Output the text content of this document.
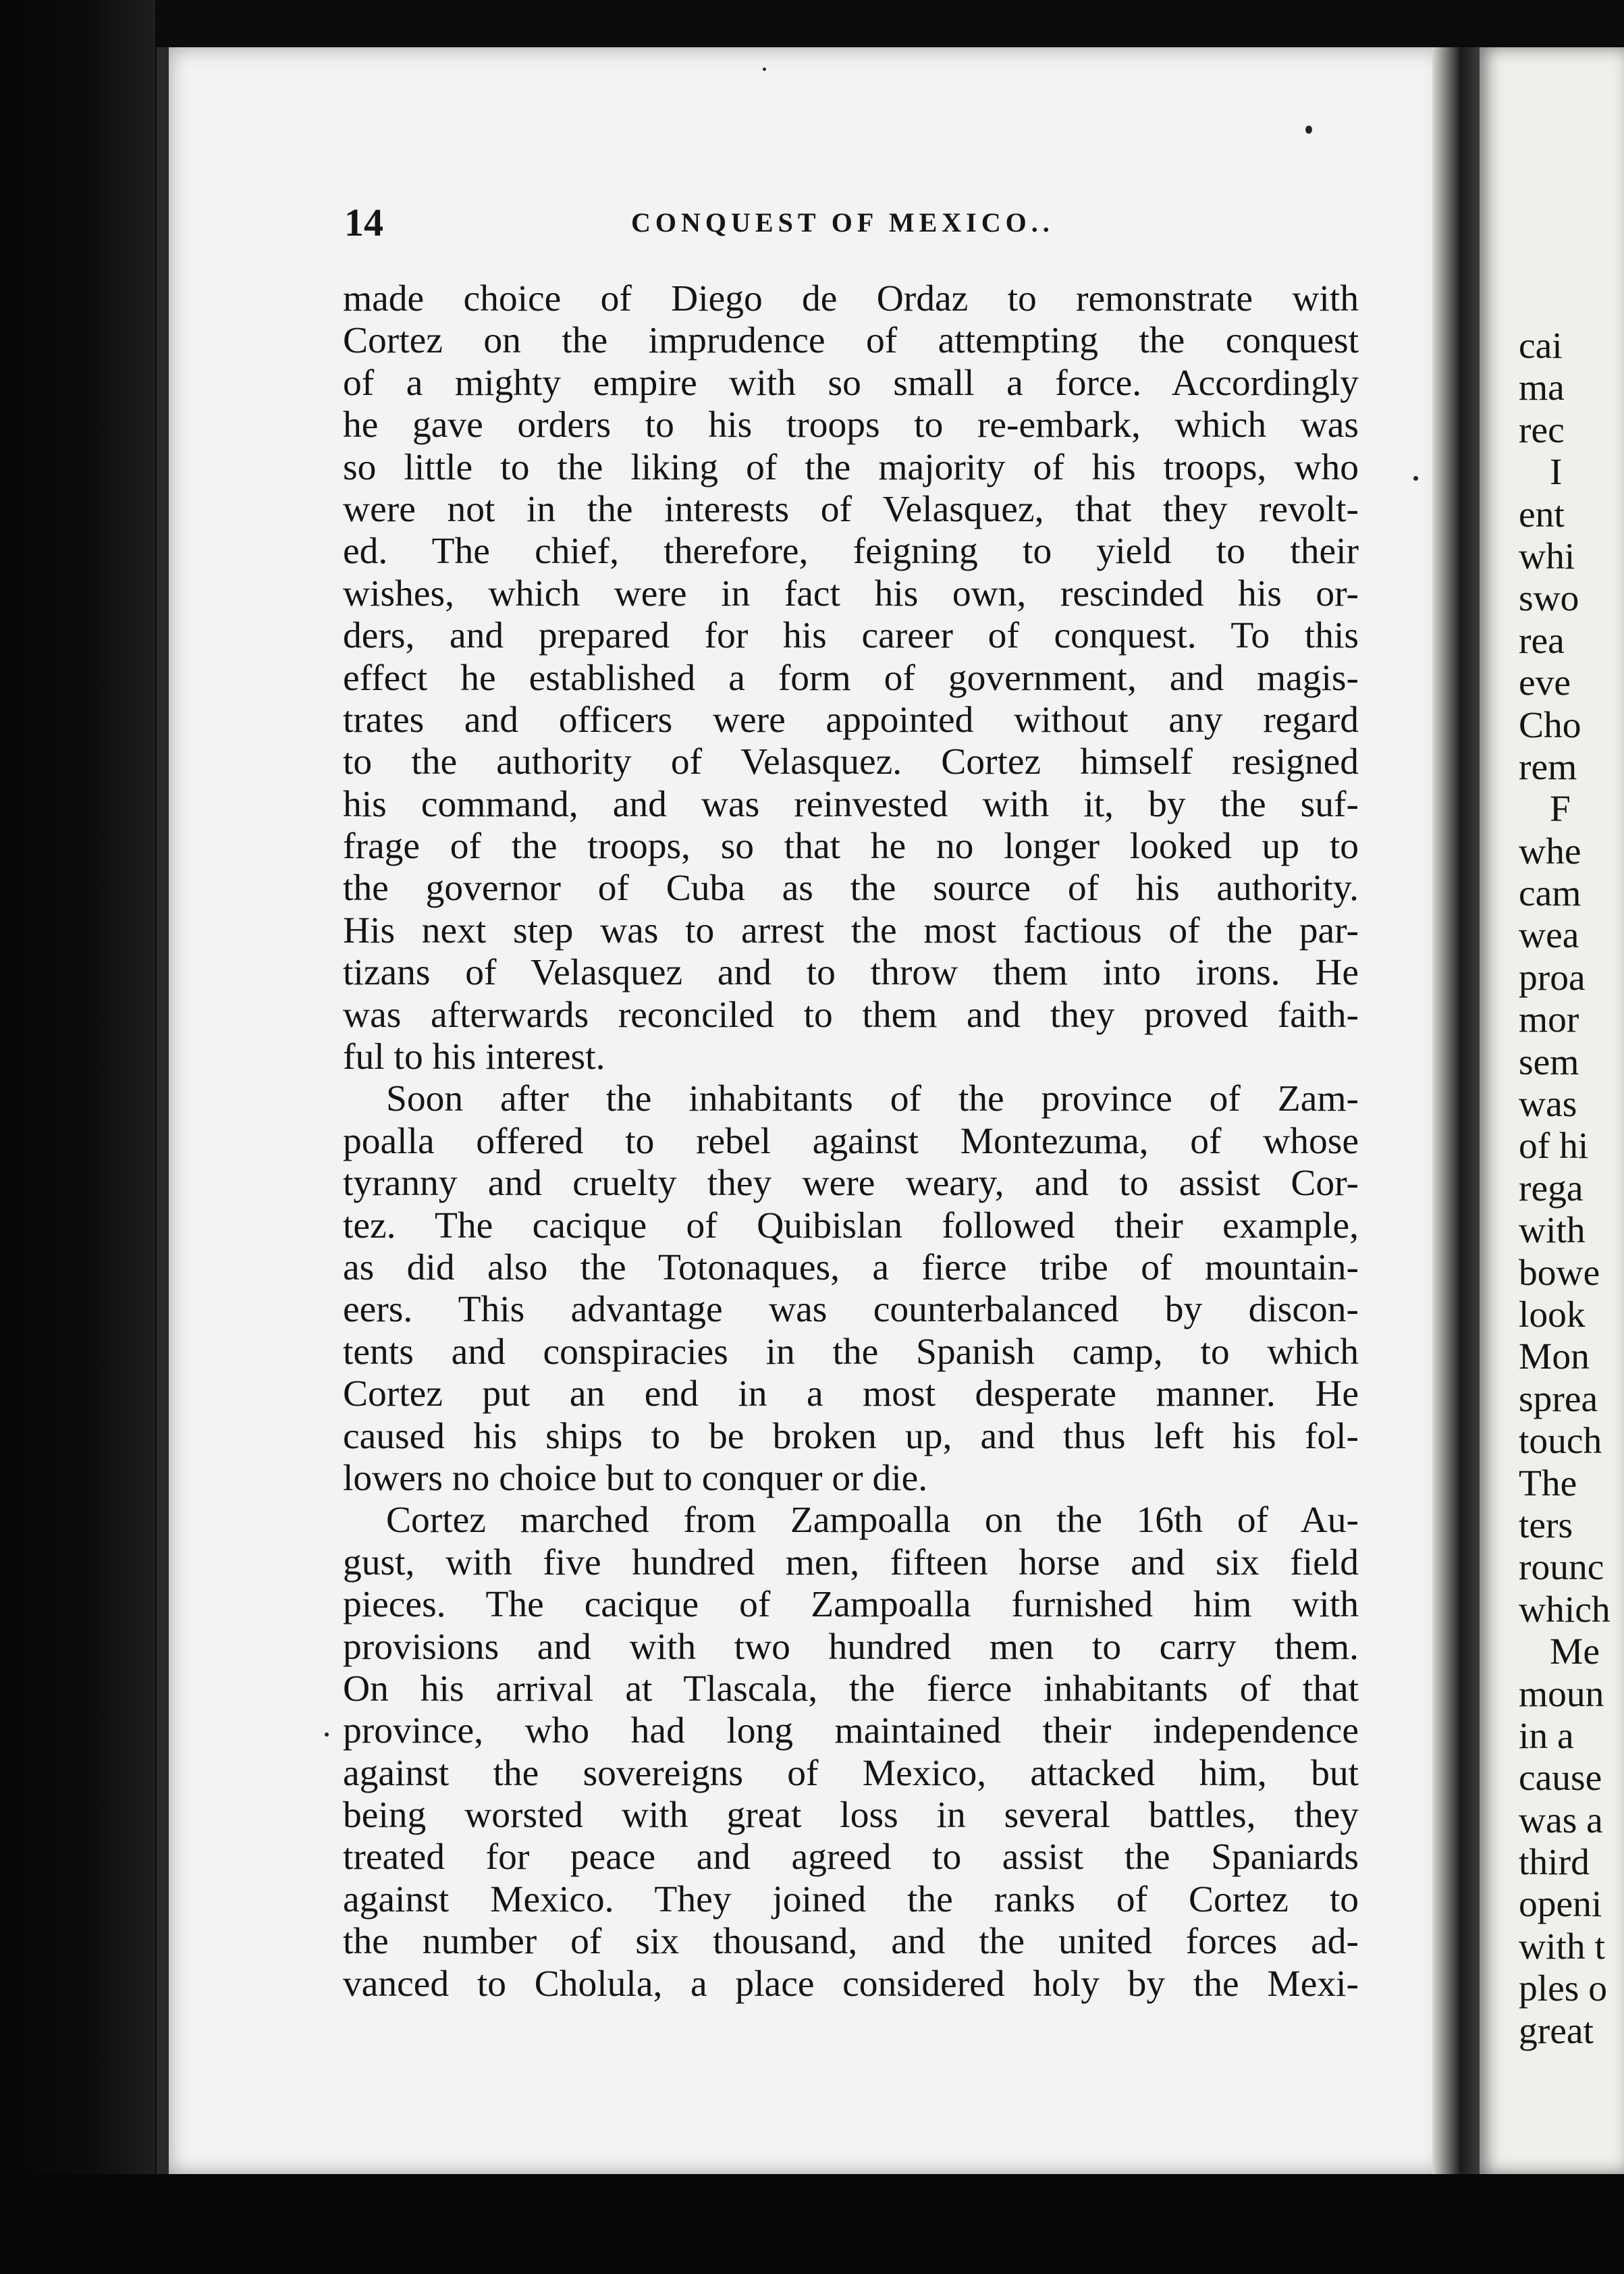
cai
ma
rec
I
ent
whi
swo
rea
eve
Cho
rem
F
whe
cam
wea
proa
mor
sem
was
of hi
rega
with
bowe
look
Mon
sprea
touch
The
ters
rounc
which
Me
moun
in a
cause
was a
third
openi
with t
ples o
great
14	CONQUEST OF MEXICO..
made choice of Diego de Ordaz to remonstrate with
Cortez on the imprudence of attempting the conquest
of a mighty empire with so small a force. Accordingly
he gave orders to his troops to re-embark, which was
so little to the liking of the majority of his troops, who
were not in the interests of Velasquez, that they revolt-
ed. The chief, therefore, feigning to yield to their
wishes, which were in fact his own, rescinded his or-
ders, and prepared for his career of conquest. To this
effect he established a form of government, and magis-
trates and officers were appointed without any regard
to the authority of Velasquez. Cortez himself resigned
his command, and was reinvested with it, by the suf-
frage of the troops, so that he no longer looked up to
the governor of Cuba as the source of his authority.
His next step was to arrest the most factious of the par-
tizans of Velasquez and to throw them into irons. He
was afterwards reconciled to them and they proved faith-
ful to his interest.
Soon after the inhabitants of the province of Zam-
poalla offered to rebel against Montezuma, of whose
tyranny and cruelty they were weary, and to assist Cor-
tez. The cacique of Quibislan followed their example,
as did also the Totonaques, a fierce tribe of mountain-
eers. This advantage was counterbalanced by discon-
tents and conspiracies in the Spanish camp, to which
Cortez put an end in a most desperate manner. He
caused his ships to be broken up, and thus left his fol-
lowers no choice but to conquer or die.
Cortez marched from Zampoalla on the 16th of Au-
gust, with five hundred men, fifteen horse and six field
pieces. The cacique of Zampoalla furnished him with
provisions and with two hundred men to carry them.
On his arrival at Tlascala, the fierce inhabitants of that
province, who had long maintained their independence
against the sovereigns of Mexico, attacked him, but
being worsted with great loss in several battles, they
treated for peace and agreed to assist the Spaniards
against Mexico. They joined the ranks of Cortez to
the number of six thousand, and the united forces ad-
vanced to Cholula, a place considered holy by the Mexi-
